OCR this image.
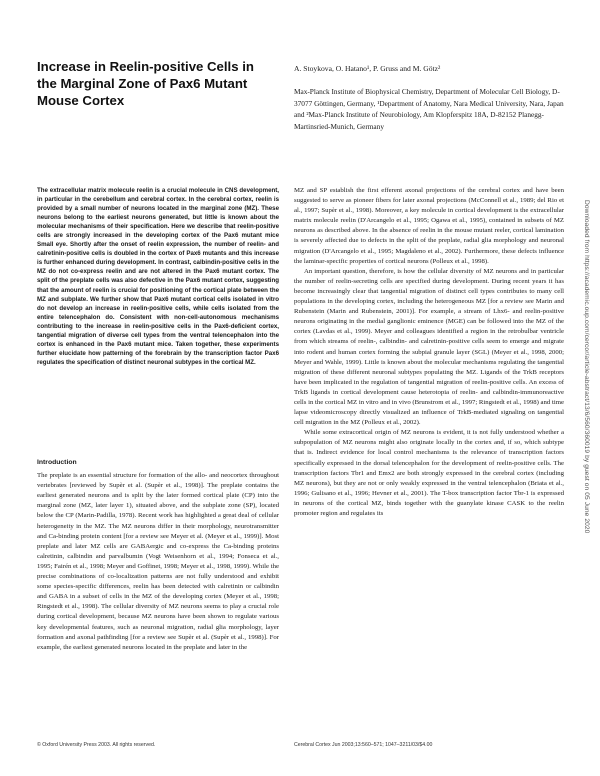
Increase in Reelin-positive Cells in the Marginal Zone of Pax6 Mutant Mouse Cortex
A. Stoykova, O. Hatano¹, P. Gruss and M. Götz²
Max-Planck Institute of Biophysical Chemistry, Department of Molecular Cell Biology, D-37077 Göttingen, Germany, ¹Department of Anatomy, Nara Medical University, Nara, Japan and ²Max-Planck Institute of Neurobiology, Am Klopferspitz 18A, D-82152 Planegg-Martinsried-Munich, Germany
The extracellular matrix molecule reelin is a crucial molecule in CNS development, in particular in the cerebellum and cerebral cortex. In the cerebral cortex, reelin is provided by a small number of neurons located in the marginal zone (MZ). These neurons belong to the earliest neurons generated, but little is known about the molecular mechanisms of their specification. Here we describe that reelin-positive cells are strongly increased in the developing cortex of the Pax6 mutant mice Small eye. Shortly after the onset of reelin expression, the number of reelin- and calretinin-positive cells is doubled in the cortex of Pax6 mutants and this increase is further enhanced during development. In contrast, calbindin-positive cells in the MZ do not co-express reelin and are not altered in the Pax6 mutant cortex. The split of the preplate cells was also defective in the Pax6 mutant cortex, suggesting that the amount of reelin is crucial for positioning of the cortical plate between the MZ and subplate. We further show that Pax6 mutant cortical cells isolated in vitro do not develop an increase in reelin-positive cells, while cells isolated from the entire telencephalon do. Consistent with non-cell-autonomous mechanisms contributing to the increase in reelin-positive cells in the Pax6-deficient cortex, tangential migration of diverse cell types from the ventral telencephalon into the cortex is enhanced in the Pax6 mutant mice. Taken together, these experiments further elucidate how patterning of the forebrain by the transcription factor Pax6 regulates the specification of distinct neuronal subtypes in the cortical MZ.
Introduction

The preplate is an essential structure for formation of the allo- and neocortex throughout vertebrates [reviewed by Supèr et al. (Supèr et al., 1998)]. The preplate contains the earliest generated neurons and is split by the later formed cortical plate (CP) into the marginal zone (MZ, later layer 1), situated above, and the subplate zone (SP), located below the CP (Marin-Padilla, 1978). Recent work has highlighted a great deal of cellular heterogeneity in the MZ. The MZ neurons differ in their morphology, neurotransmitter and Ca-binding protein content [for a review see Meyer et al. (Meyer et al., 1999)]. Most preplate and later MZ cells are GABAergic and co-express the Ca-binding proteins calretinin, calbindin and parvalbumin (Vogt Weisenhorn et al., 1994; Fonseca et al., 1995; Fairén et al., 1998; Meyer and Goffinet, 1998; Meyer et al., 1998, 1999). While the precise combinations of co-localization patterns are not fully understood and exhibit some species-specific differences, reelin has been detected with calretinin or calbindin and GABA in a subset of cells in the MZ of the developing cortex (Meyer et al., 1998; Ringstedt et al., 1998). The cellular diversity of MZ neurons seems to play a crucial role during cortical development, because MZ neurons have been shown to regulate various key developmental features, such as neuronal migration, radial glia morphology, layer formation and axonal pathfinding [for a review see Supèr et al. (Supèr et al., 1998)]. For example, the earliest generated neurons located in the preplate and later in the

MZ and SP establish the first efferent axonal projections of the cerebral cortex and have been suggested to serve as pioneer fibers for later axonal projections (McConnell et al., 1989; del Rio et al., 1997; Supèr et al., 1998). Moreover, a key molecule in cortical development is the extracellular matrix molecule reelin (D'Arcangelo et al., 1995; Ogawa et al., 1995), contained in subsets of MZ neurons as described above. In the absence of reelin in the mouse mutant reeler, cortical lamination is severely affected due to defects in the split of the preplate, radial glia morphology and neuronal migration (D'Arcangelo et al., 1995; Magdaleno et al., 2002). Furthermore, these defects influence the laminar-specific properties of cortical neurons (Polleux et al., 1998).

An important question, therefore, is how the cellular diversity of MZ neurons and in particular the number of reelin-secreting cells are specified during development. During recent years it has become increasingly clear that tangential migration of distinct cell types contributes to many cell populations in the developing cortex, including the heterogeneous MZ [for a review see Marin and Rubenstein (Marin and Rubenstein, 2001)]. For example, a stream of Lhx6- and reelin-positive neurons originating in the medial ganglionic eminence (MGE) can be followed into the MZ of the cortex (Lavdas et al., 1999). Meyer and colleagues identified a region in the retrobulbar ventricle from which streams of reelin-, calbindin- and calretinin-positive cells seem to emerge and migrate into rodent and human cortex forming the subpial granule layer (SGL) (Meyer et al., 1998, 2000; Meyer and Wahle, 1999). Little is known about the molecular mechanisms regulating the tangential migration of these different neuronal subtypes populating the MZ. Ligands of the TrkB receptors have been implicated in the regulation of tangential migration of reelin-positive cells. An excess of TrkB ligands in cortical development cause heterotopia of reelin- and calbindin-immunoreactive cells in the cortical MZ in vitro and in vivo (Brunstrom et al., 1997; Ringstedt et al., 1998) and time lapse videomicroscopy directly visualized an influence of TrkB-mediated signaling on tangential cell migration in the MZ (Polleux et al., 2002).

While some extracortical origin of MZ neurons is evident, it is not fully understood whether a subpopulation of MZ neurons might also originate locally in the cortex and, if so, which subtype that is. Indirect evidence for local control mechanisms is the relevance of transcription factors specifically expressed in the dorsal telencephalon for the development of reelin-positive cells. The transcription factors Tbr1 and Emx2 are both strongly expressed in the cerebral cortex (including MZ neurons), but they are not or only weakly expressed in the ventral telencephalon (Briata et al., 1996; Gulisano et al., 1996; Hevner et al., 2001). The T-box transcription factor Tbr-1 is expressed in neurons of the cortical MZ, binds together with the guanylate kinase CASK to the reelin promoter region and regulates its

© Oxford University Press 2003. All rights reserved.	Cerebral Cortex Jun 2003;13:560–571; 1047–3211/03/$4.00
Downloaded from https://academic.oup.com/cercor/article-abstract/13/6/560/360019 by guest on 05 June 2020
